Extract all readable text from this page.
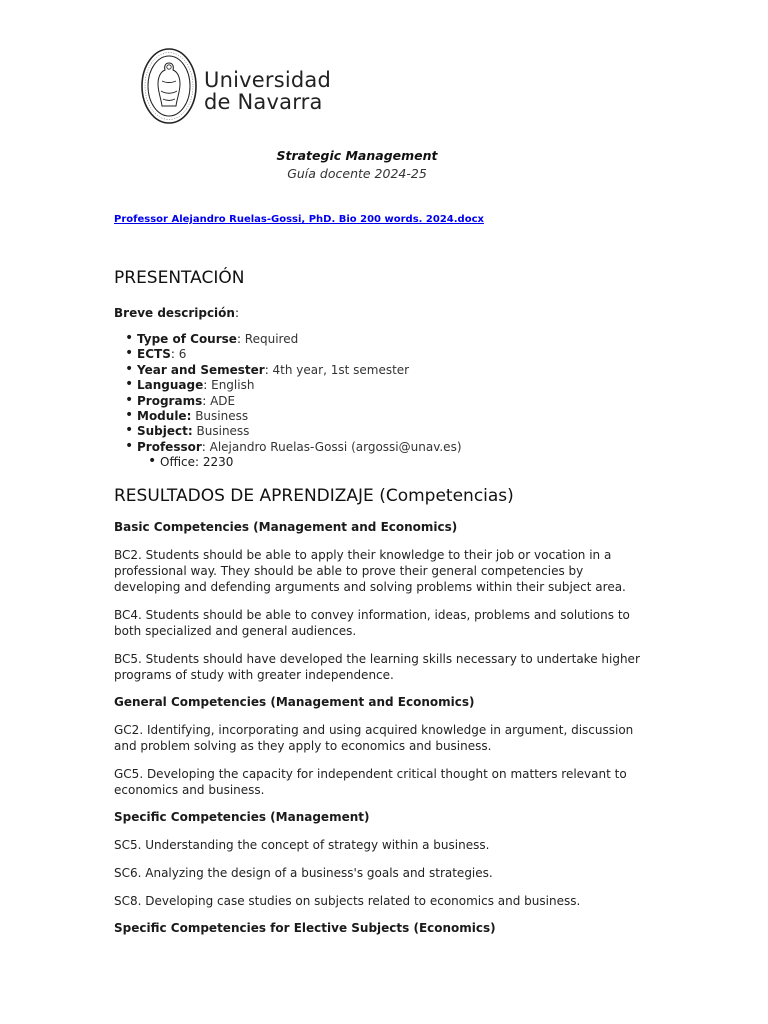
Universidad
de Navarra
Strategic Management
Guía docente 2024-25
Professor Alejandro Ruelas-Gossi, PhD. Bio 200 words. 2024.docx
PRESENTACIÓN
Breve descripción:
• Type of Course: Required
• ECTS: 6
• Year and Semester: 4th year, 1st semester
• Language: English
• Programs: ADE
• Module: Business
• Subject: Business
• Professor: Alejandro Ruelas-Gossi (argossi@unav.es)
• Office: 2230
RESULTADOS DE APRENDIZAJE (Competencias)
Basic Competencies (Management and Economics)

BC2. Students should be able to apply their knowledge to their job or vocation in a professional way. They should be able to prove their general competencies by developing and defending arguments and solving problems within their subject area.

BC4. Students should be able to convey information, ideas, problems and solutions to both specialized and general audiences.

BC5. Students should have developed the learning skills necessary to undertake higher programs of study with greater independence.

General Competencies (Management and Economics)

GC2. Identifying, incorporating and using acquired knowledge in argument, discussion and problem solving as they apply to economics and business.

GC5. Developing the capacity for independent critical thought on matters relevant to economics and business.

Specific Competencies (Management)

SC5. Understanding the concept of strategy within a business.

SC6. Analyzing the design of a business's goals and strategies.

SC8. Developing case studies on subjects related to economics and business.

Specific Competencies for Elective Subjects (Economics)
